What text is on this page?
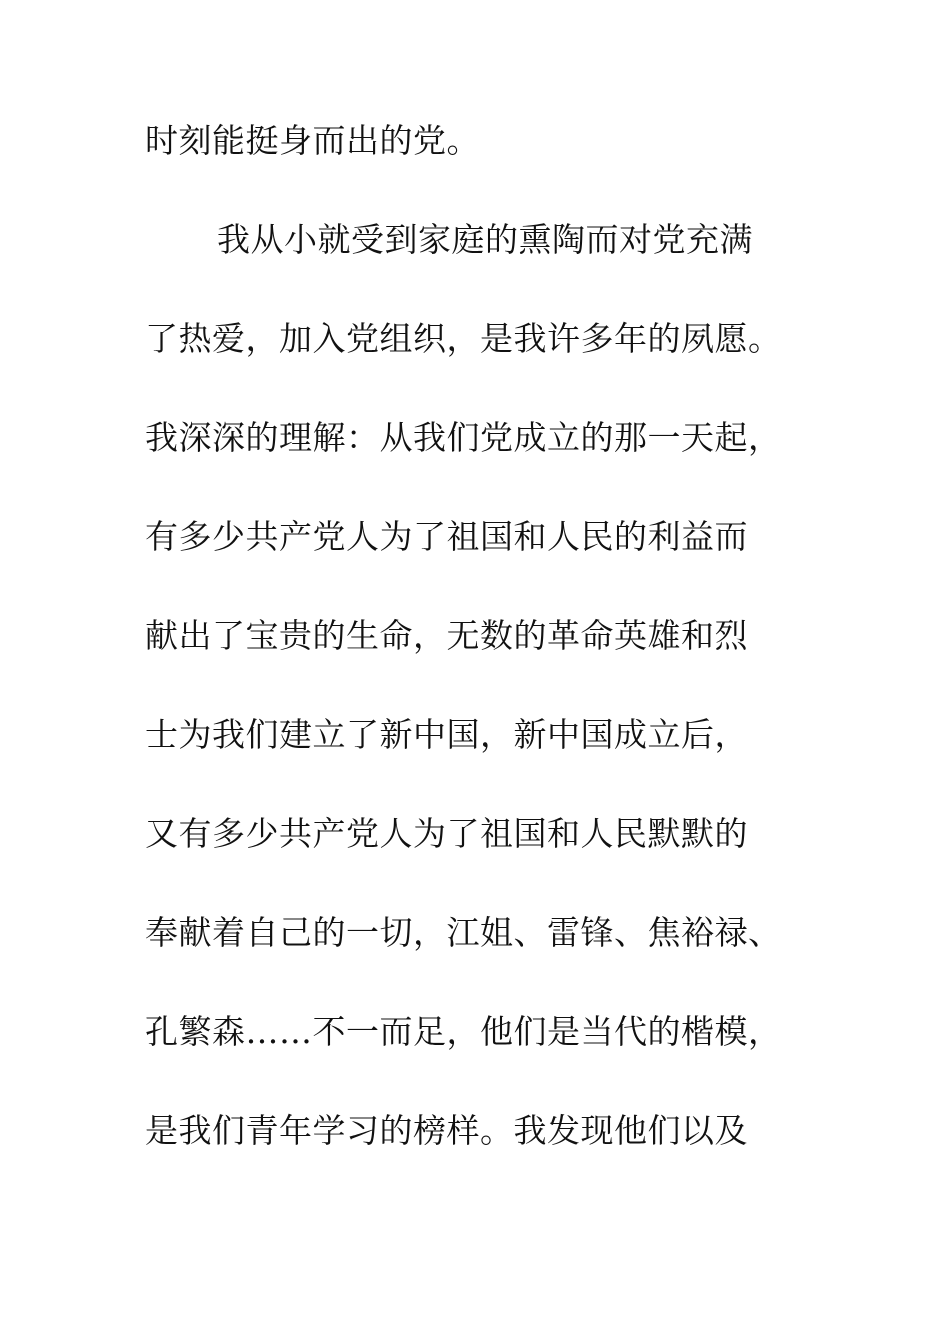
时刻能挺身而出的党。
我从小就受到家庭的熏陶而对党充满
了热爱，加入党组织，是我许多年的夙愿。
我深深的理解：从我们党成立的那一天起，
有多少共产党人为了祖国和人民的利益而
献出了宝贵的生命，无数的革命英雄和烈
士为我们建立了新中国，新中国成立后，
又有多少共产党人为了祖国和人民默默的
奉献着自己的一切，江姐、雷锋、焦裕禄、
孔繁森……不一而足，他们是当代的楷模，
是我们青年学习的榜样。我发现他们以及
